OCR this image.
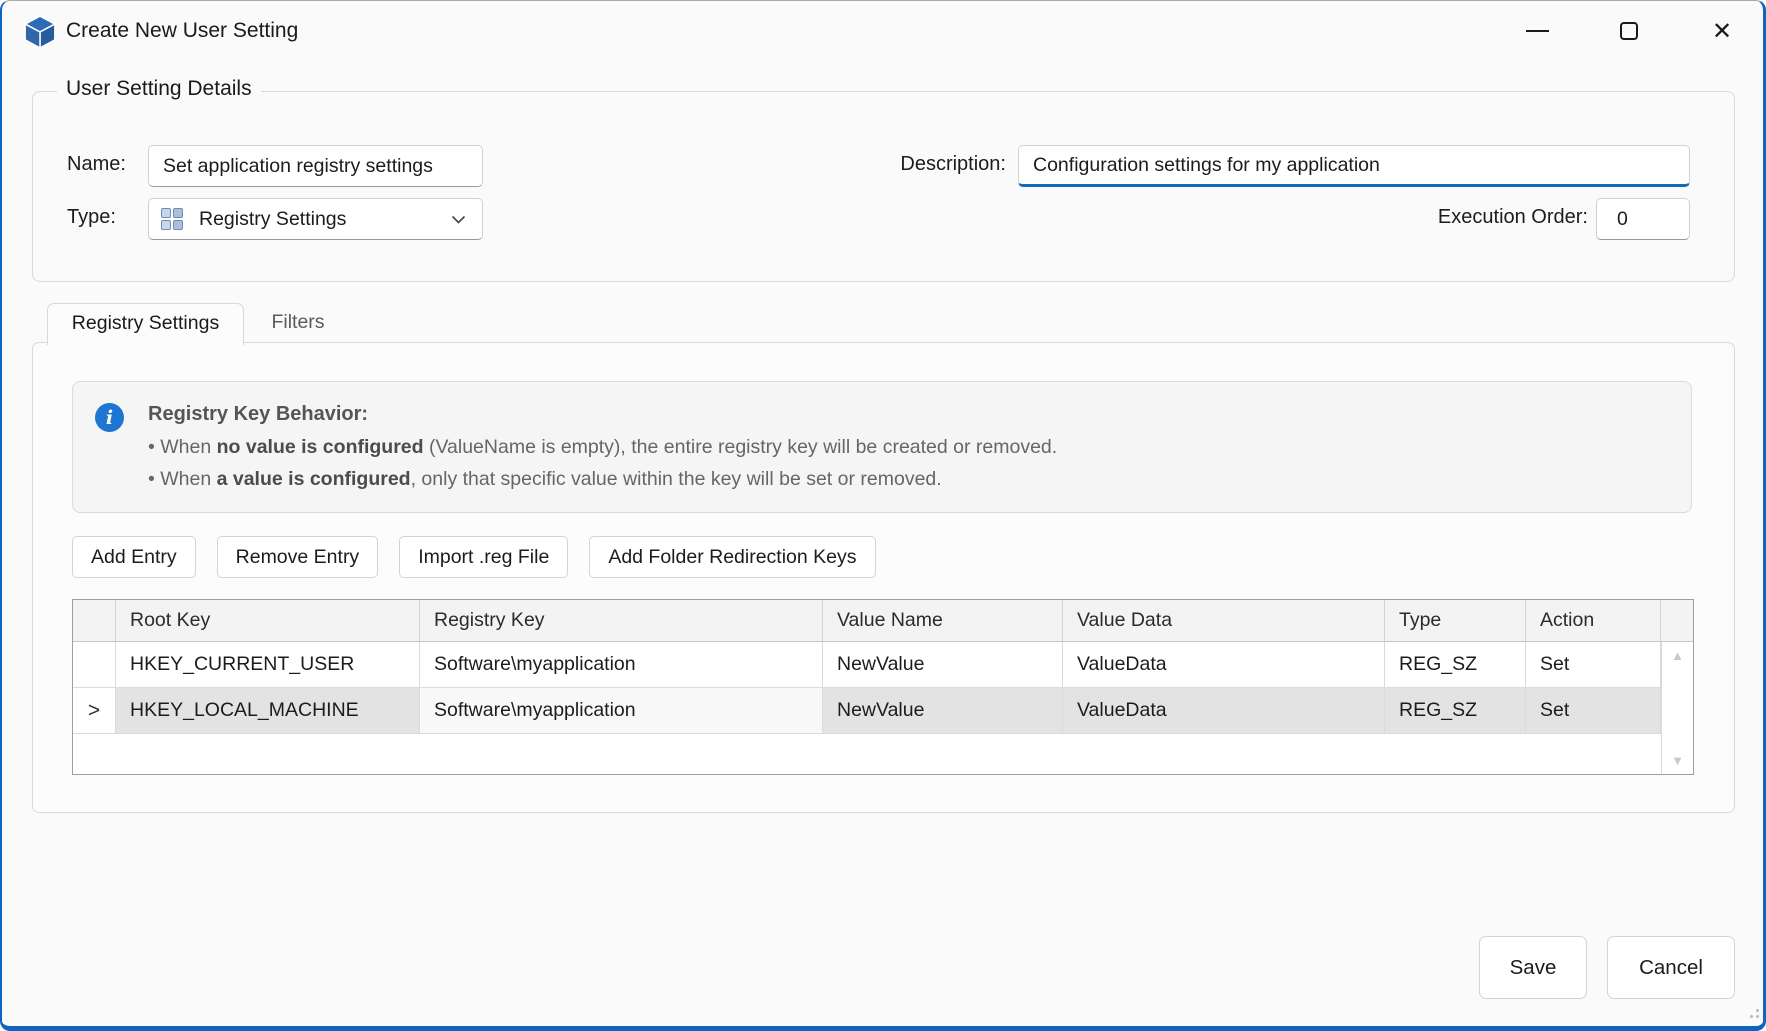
Create New User Setting	✕
User Setting Details
Name:
Set application registry settings	Description:
Configuration settings for my application
Type:	Registry Settings	Execution Order:
0
Registry Settings	Filters
i	Registry Key Behavior:
• When no value is configured (ValueName is empty), the entire registry key will be created or removed.
• When a value is configured, only that specific value within the key will be set or removed.
Add Entry	Remove Entry	Import .reg File	Add Folder Redirection Keys
Root Key	Registry Key	Value Name	Value Data	Type	Action
HKEY_CURRENT_USER	Software\myapplication	NewValue	ValueData	REG_SZ	Set
>	HKEY_LOCAL_MACHINE	Software\myapplication	NewValue	ValueData	REG_SZ	Set
▲
▼
Save	Cancel
